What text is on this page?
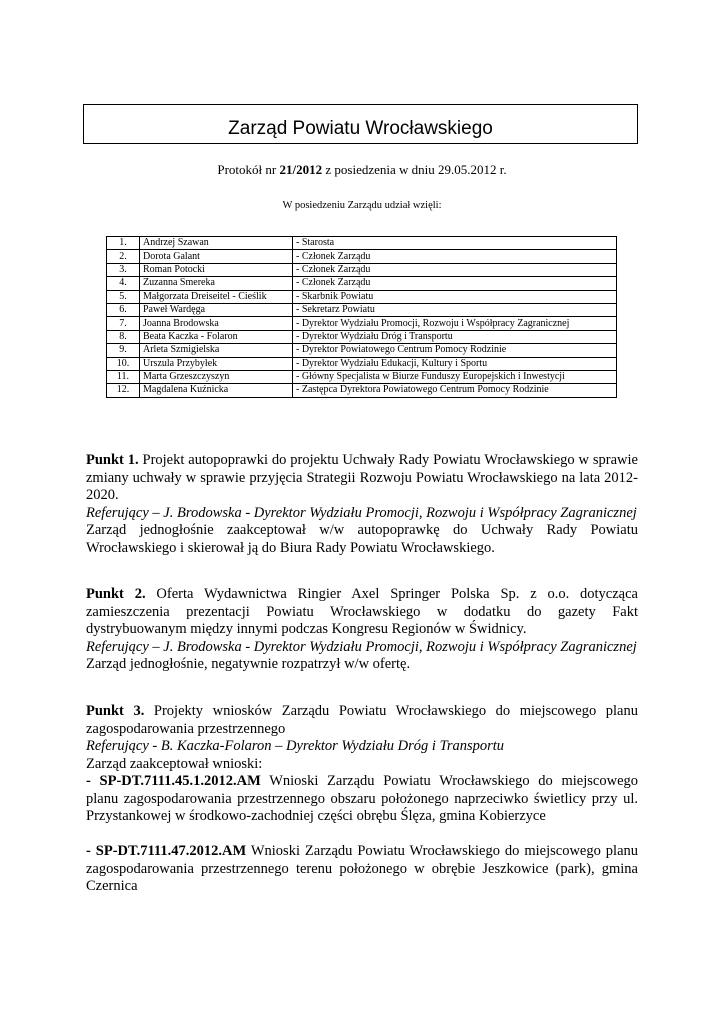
Zarząd Powiatu Wrocławskiego
Protokół nr 21/2012 z posiedzenia w dniu 29.05.2012 r.
W posiedzeniu Zarządu udział wzięli:
1.	Andrzej Szawan	- Starosta
2.	Dorota Galant	- Członek Zarządu
3.	Roman Potocki	- Członek Zarządu
4.	Zuzanna Smereka	- Członek Zarządu
5.	Małgorzata Dreiseitel - Cieślik	- Skarbnik Powiatu
6.	Paweł Wardęga	- Sekretarz Powiatu
7.	Joanna Brodowska	- Dyrektor Wydziału Promocji, Rozwoju i Współpracy Zagranicznej
8.	Beata Kaczka - Folaron	- Dyrektor Wydziału Dróg i Transportu
9.	Arleta Szmigielska	- Dyrektor Powiatowego Centrum Pomocy Rodzinie
10.	Urszula Przybyłek	- Dyrektor Wydziału Edukacji, Kultury i Sportu
11.	Marta Grzeszczyszyn	- Główny Specjalista w Biurze Funduszy Europejskich i Inwestycji
12.	Magdalena Kuźnicka	- Zastępca Dyrektora Powiatowego Centrum Pomocy Rodzinie

Punkt 1. Projekt autopoprawki do projektu Uchwały Rady Powiatu Wrocławskiego w sprawie zmiany uchwały w sprawie przyjęcia Strategii Rozwoju Powiatu Wrocławskiego na lata 2012-2020.

Referujący – J. Brodowska - Dyrektor Wydziału Promocji, Rozwoju i Współpracy Zagranicznej

Zarząd jednogłośnie zaakceptował w/w autopoprawkę do Uchwały Rady Powiatu Wrocławskiego i skierował ją do Biura Rady Powiatu Wrocławskiego.

Punkt 2. Oferta Wydawnictwa Ringier Axel Springer Polska Sp. z o.o. dotycząca zamieszczenia prezentacji Powiatu Wrocławskiego w dodatku do gazety Fakt dystrybuowanym między innymi podczas Kongresu Regionów w Świdnicy.

Referujący – J. Brodowska - Dyrektor Wydziału Promocji, Rozwoju i Współpracy Zagranicznej

Zarząd jednogłośnie, negatywnie rozpatrzył w/w ofertę.

Punkt 3. Projekty wniosków Zarządu Powiatu Wrocławskiego do miejscowego planu zagospodarowania przestrzennego

Referujący - B. Kaczka-Folaron – Dyrektor Wydziału Dróg i Transportu

Zarząd zaakceptował wnioski:

- SP-DT.7111.45.1.2012.AM Wnioski Zarządu Powiatu Wrocławskiego do miejscowego planu zagospodarowania przestrzennego obszaru położonego naprzeciwko świetlicy przy ul. Przystankowej w środkowo-zachodniej części obrębu Ślęza, gmina Kobierzyce

- SP-DT.7111.47.2012.AM Wnioski Zarządu Powiatu Wrocławskiego do miejscowego planu zagospodarowania przestrzennego terenu położonego w obrębie Jeszkowice (park), gmina Czernica
